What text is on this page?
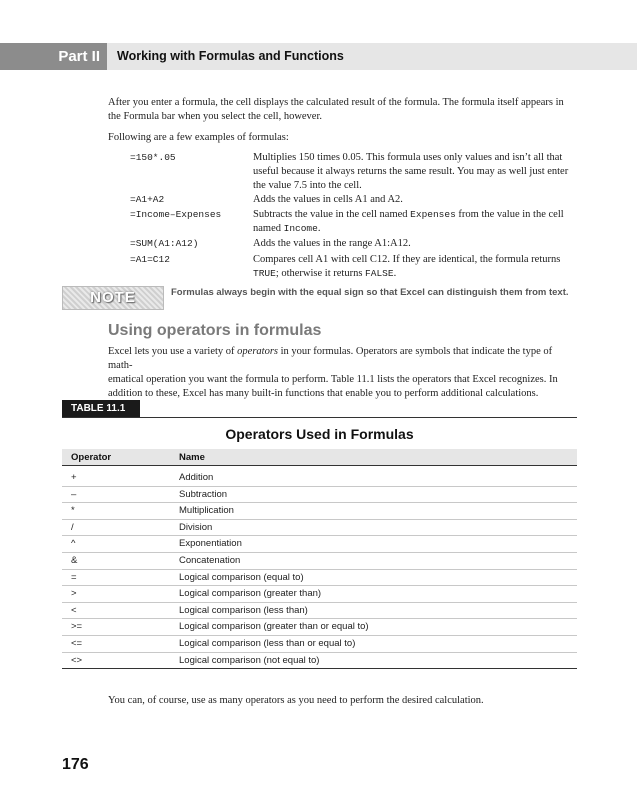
Part II Working with Formulas and Functions

After you enter a formula, the cell displays the calculated result of the formula. The formula itself appears in
the Formula bar when you select the cell, however.

Following are a few examples of formulas:

=150*.05	Multiplies 150 times 0.05. This formula uses only values and isn’t all that
useful because it always returns the same result. You may as well just enter
the value 7.5 into the cell.
=A1+A2	Adds the values in cells A1 and A2.
=Income–Expenses	Subtracts the value in the cell named Expenses from the value in the cell
named Income.
=SUM(A1:A12)	Adds the values in the range A1:A12.
=A1=C12	Compares cell A1 with cell C12. If they are identical, the formula returns
TRUE; otherwise it returns FALSE.
NOTE	Formulas always begin with the equal sign so that Excel can distinguish them from text.
Using operators in formulas

Excel lets you use a variety of operators in your formulas. Operators are symbols that indicate the type of math-
ematical operation you want the formula to perform. Table 11.1 lists the operators that Excel recognizes. In
addition to these, Excel has many built-in functions that enable you to perform additional calculations.

TABLE 11.1
Operators Used in Formulas
Operator	Name
+	Addition
–	Subtraction
*	Multiplication
/	Division
^	Exponentiation
&	Concatenation
=	Logical comparison (equal to)
>	Logical comparison (greater than)
<	Logical comparison (less than)
>=	Logical comparison (greater than or equal to)
<=	Logical comparison (less than or equal to)
<>	Logical comparison (not equal to)

You can, of course, use as many operators as you need to perform the desired calculation.

176
